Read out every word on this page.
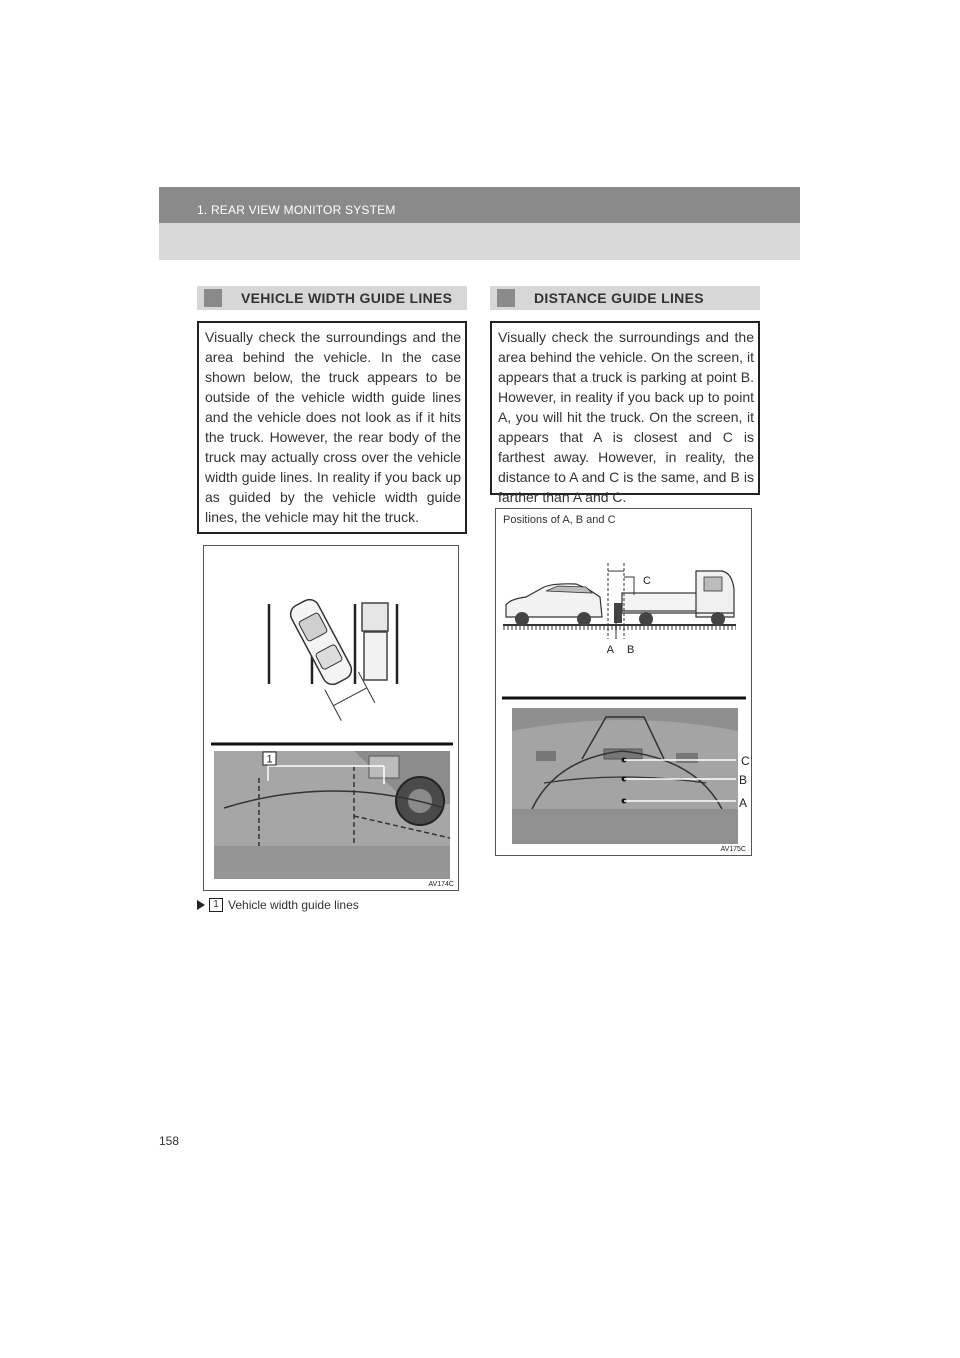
1. REAR VIEW MONITOR SYSTEM
VEHICLE WIDTH GUIDE LINES
Visually check the surroundings and the area behind the vehicle. In the case shown below, the truck appears to be outside of the vehicle width guide lines and the vehicle does not look as if it hits the truck. However, the rear body of the truck may actually cross over the vehicle width guide lines. In reality if you back up as guided by the vehicle width guide lines, the vehicle may hit the truck.
1
AV174C
1 Vehicle width guide lines
DISTANCE GUIDE LINES
Visually check the surroundings and the area behind the vehicle. On the screen, it appears that a truck is parking at point B. However, in reality if you back up to point A, you will hit the truck. On the screen, it appears that A is closest and C is farthest away. However, in reality, the distance to A and C is the same, and B is farther than A and C.
Positions of A, B and C
C
A B
C
B
A
AV175C
158
